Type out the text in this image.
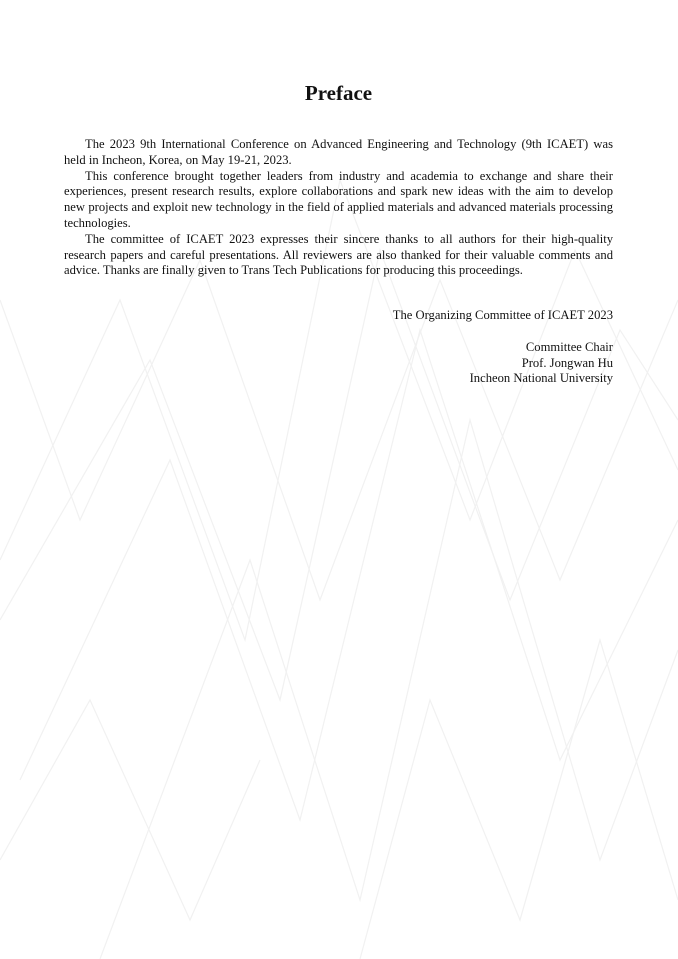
Preface

The 2023 9th International Conference on Advanced Engineering and Technology (9th ICAET) was held in Incheon, Korea, on May 19-21, 2023.

This conference brought together leaders from industry and academia to exchange and share their experiences, present research results, explore collaborations and spark new ideas with the aim to develop new projects and exploit new technology in the field of applied materials and advanced materials processing technologies.

The committee of ICAET 2023 expresses their sincere thanks to all authors for their high-quality research papers and careful presentations. All reviewers are also thanked for their valuable comments and advice. Thanks are finally given to Trans Tech Publications for producing this proceedings.

The Organizing Committee of ICAET 2023
Committee Chair
Prof. Jongwan Hu
Incheon National University
